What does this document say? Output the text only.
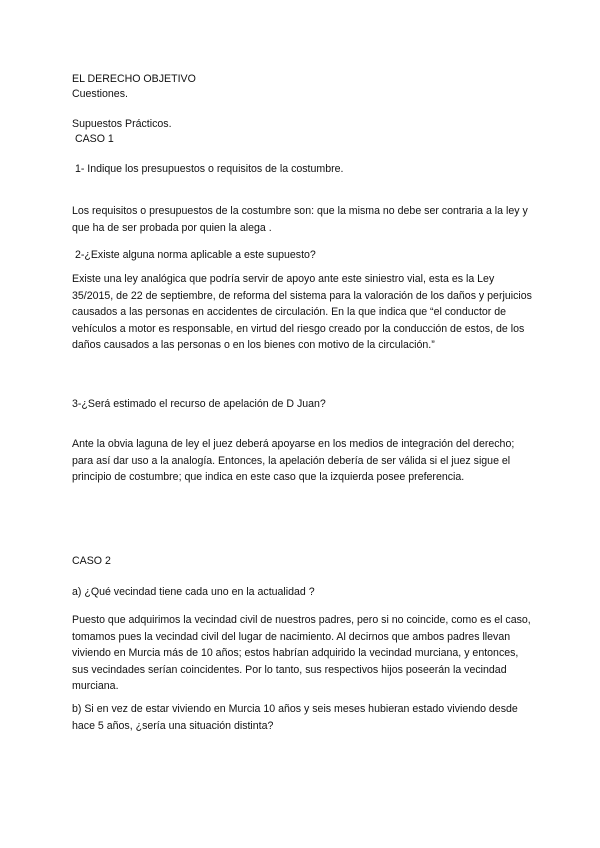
EL DERECHO OBJETIVO

Cuestiones.

Supuestos Prácticos.

CASO 1

1- Indique los presupuestos o requisitos de la costumbre.

Los requisitos o presupuestos de la costumbre son: que la misma no debe ser contraria a la ley y que ha de ser probada por quien la alega .

2-¿Existe alguna norma aplicable a este supuesto?

Existe una ley analógica que podría servir de apoyo ante este siniestro vial, esta es la Ley 35/2015, de 22 de septiembre, de reforma del sistema para la valoración de los daños y perjuicios causados a las personas en accidentes de circulación. En la que indica que “el conductor de vehículos a motor es responsable, en virtud del riesgo creado por la conducción de estos, de los daños causados a las personas o en los bienes con motivo de la circulación.”

3-¿Será estimado el recurso de apelación de D Juan?

Ante la obvia laguna de ley el juez deberá apoyarse en los medios de integración del derecho; para así dar uso a la analogía. Entonces, la apelación debería de ser válida si el juez sigue el principio de costumbre; que indica en este caso que la izquierda posee preferencia.

CASO 2

a) ¿Qué vecindad tiene cada uno en la actualidad ?

Puesto que adquirimos la vecindad civil de nuestros padres, pero si no coincide, como es el caso, tomamos pues la vecindad civil del lugar de nacimiento. Al decirnos que ambos padres llevan viviendo en Murcia más de 10 años; estos habrían adquirido la vecindad murciana, y entonces, sus vecindades serían coincidentes. Por lo tanto, sus respectivos hijos poseerán la vecindad murciana.

b) Si en vez de estar viviendo en Murcia 10 años y seis meses hubieran estado viviendo desde hace 5 años, ¿sería una situación distinta?
